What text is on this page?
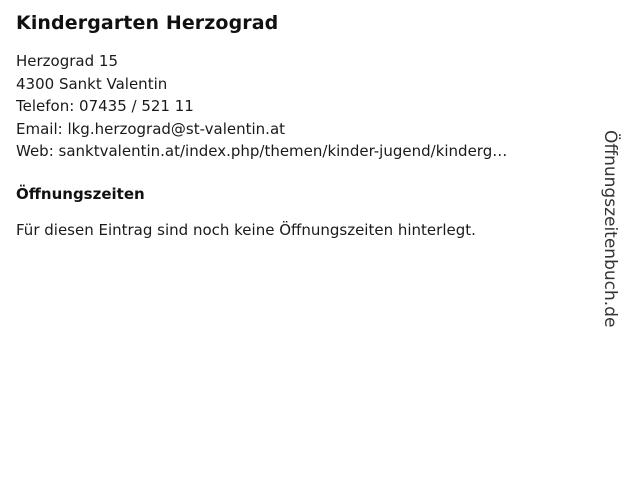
Kindergarten Herzograd
Herzograd 15
4300 Sankt Valentin
Telefon: 07435 / 521 11
Email: lkg.herzograd@st-valentin.at
Web: sanktvalentin.at/index.php/themen/kinder-jugend/kinderg…
Öffnungszeiten

Für diesen Eintrag sind noch keine Öffnungszeiten hinterlegt.	Öffnungszeitenbuch.de
